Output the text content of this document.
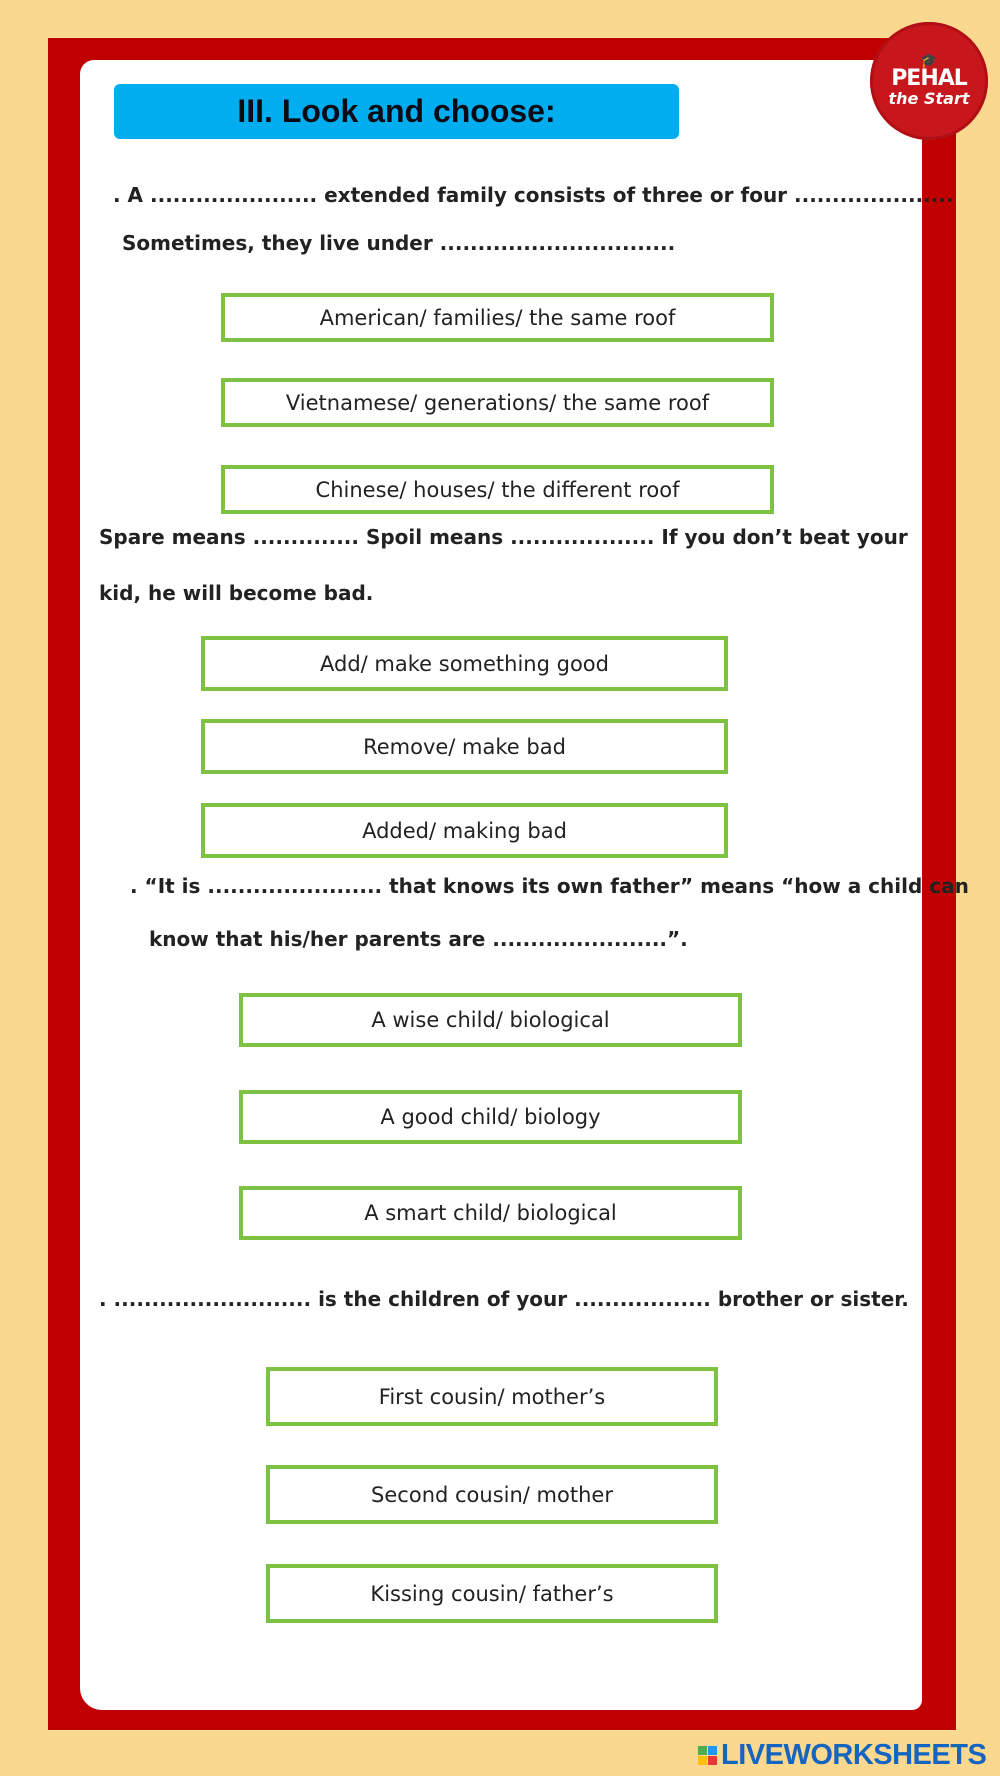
III. Look and choose:
🎓
PEHAL
the Start
. A ...................... extended family consists of three or four .....................
Sometimes, they live under ...............................
American/ families/ the same roof
Vietnamese/ generations/ the same roof
Chinese/ houses/ the different roof
Spare means .............. Spoil means ................... If you don’t beat your
kid, he will become bad.
Add/ make something good
Remove/ make bad
Added/ making bad
. “It is ....................... that knows its own father” means “how a child can
know that his/her parents are .......................”.
A wise child/ biological
A good child/ biology
A smart child/ biological
. .......................... is the children of your .................. brother or sister.
First cousin/ mother’s
Second cousin/ mother
Kissing cousin/ father’s
LIVEWORKSHEETS
